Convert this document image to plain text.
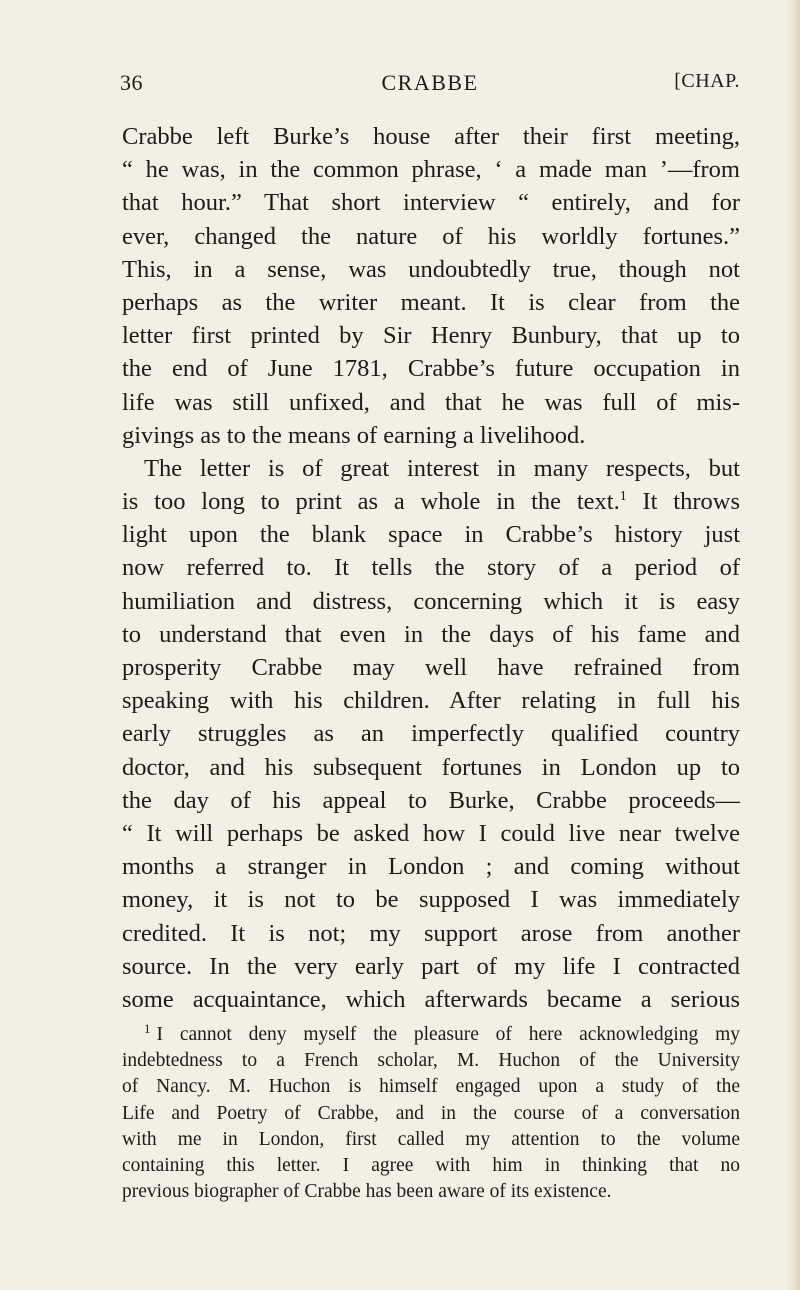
36	CRABBE	[CHAP.
Crabbe left Burke’s house after their first meeting,
“ he was, in the common phrase, ‘ a made man ’—from
that hour.” That short interview “ entirely, and for
ever, changed the nature of his worldly fortunes.”
This, in a sense, was undoubtedly true, though not
perhaps as the writer meant. It is clear from the
letter first printed by Sir Henry Bunbury, that up to
the end of June 1781, Crabbe’s future occupation in
life was still unfixed, and that he was full of mis-
givings as to the means of earning a livelihood.
The letter is of great interest in many respects, but
is too long to print as a whole in the text.$^1$ It throws
light upon the blank space in Crabbe’s history just
now referred to. It tells the story of a period of
humiliation and distress, concerning which it is easy
to understand that even in the days of his fame and
prosperity Crabbe may well have refrained from
speaking with his children. After relating in full his
early struggles as an imperfectly qualified country
doctor, and his subsequent fortunes in London up to
the day of his appeal to Burke, Crabbe proceeds—
“ It will perhaps be asked how I could live near twelve
months a stranger in London ; and coming without
money, it is not to be supposed I was immediately
credited. It is not; my support arose from another
source. In the very early part of my life I contracted
some acquaintance, which afterwards became a serious
$^1$ I cannot deny myself the pleasure of here acknowledging my
indebtedness to a French scholar, M. Huchon of the University
of Nancy. M. Huchon is himself engaged upon a study of the
Life and Poetry of Crabbe, and in the course of a conversation
with me in London, first called my attention to the volume
containing this letter. I agree with him in thinking that no
previous biographer of Crabbe has been aware of its existence.
